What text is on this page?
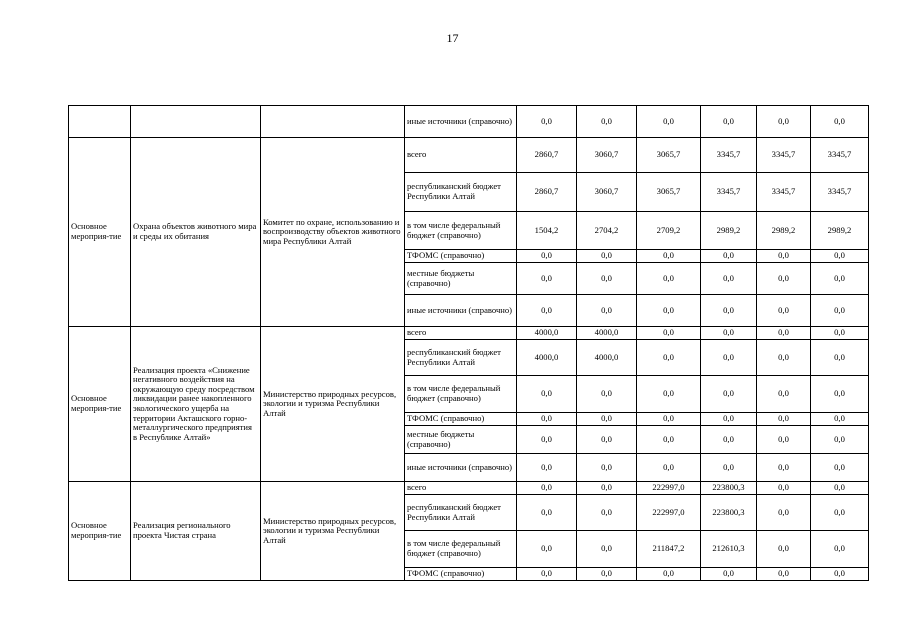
17
			иные источники (справочно)	0,0	0,0	0,0	0,0	0,0	0,0
Основное мероприя-тие	Охрана объектов животного мира и среды их обитания	Комитет по охране, использованию и воспроизводству объектов животного мира Республики Алтай	всего	2860,7	3060,7	3065,7	3345,7	3345,7	3345,7
			республиканский бюджет Республики Алтай	2860,7	3060,7	3065,7	3345,7	3345,7	3345,7
			в том числе федеральный бюджет (справочно)	1504,2	2704,2	2709,2	2989,2	2989,2	2989,2
			ТФОМС (справочно)	0,0	0,0	0,0	0,0	0,0	0,0
			местные бюджеты (справочно)	0,0	0,0	0,0	0,0	0,0	0,0
			иные источники (справочно)	0,0	0,0	0,0	0,0	0,0	0,0
Основное мероприя-тие	Реализация проекта «Снижение негативного воздействия на окружающую среду посредством ликвидации ранее накопленного экологического ущерба на территории Акташского горно-металлургического предприятия в Республике Алтай»	Министерство природных ресурсов, экологии и туризма Республики Алтай	всего	4000,0	4000,0	0,0	0,0	0,0	0,0
			республиканский бюджет Республики Алтай	4000,0	4000,0	0,0	0,0	0,0	0,0
			в том числе федеральный бюджет (справочно)	0,0	0,0	0,0	0,0	0,0	0,0
			ТФОМС (справочно)	0,0	0,0	0,0	0,0	0,0	0,0
			местные бюджеты (справочно)	0,0	0,0	0,0	0,0	0,0	0,0
			иные источники (справочно)	0,0	0,0	0,0	0,0	0,0	0,0
Основное мероприя-тие	Реализация регионального проекта Чистая страна	Министерство природных ресурсов, экологии и туризма Республики Алтай	всего	0,0	0,0	222997,0	223800,3	0,0	0,0
			республиканский бюджет Республики Алтай	0,0	0,0	222997,0	223800,3	0,0	0,0
			в том числе федеральный бюджет (справочно)	0,0	0,0	211847,2	212610,3	0,0	0,0
			ТФОМС (справочно)	0,0	0,0	0,0	0,0	0,0	0,0
